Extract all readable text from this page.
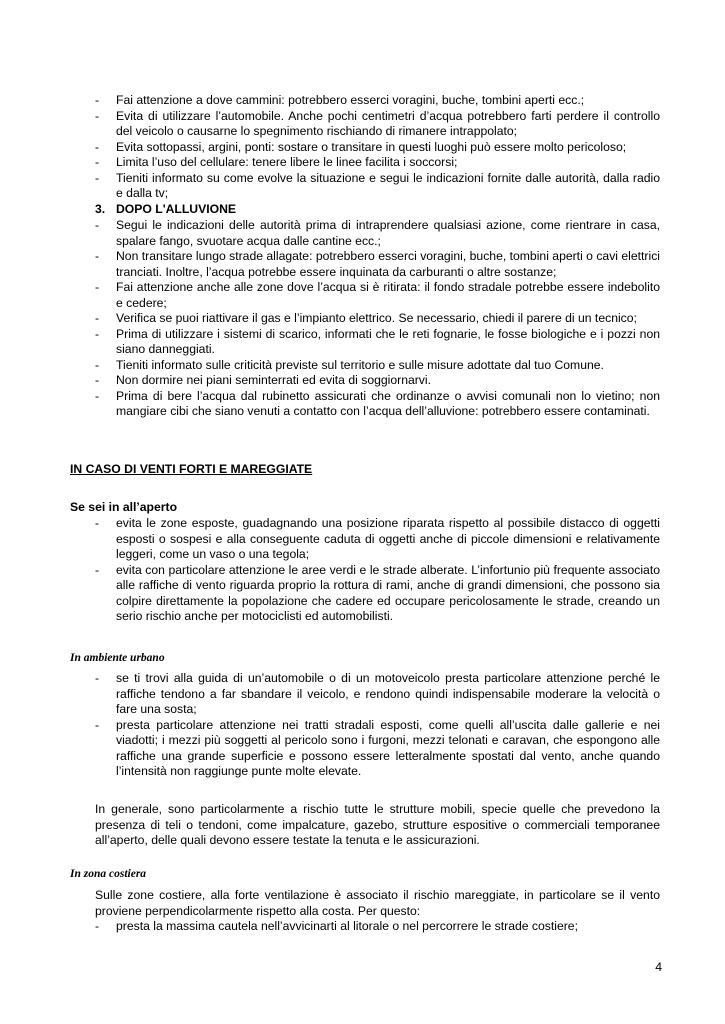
- Fai attenzione a dove cammini: potrebbero esserci voragini, buche, tombini aperti ecc.;
- Evita di utilizzare l’automobile. Anche pochi centimetri d’acqua potrebbero farti perdere il controllo del veicolo o causarne lo spegnimento rischiando di rimanere intrappolato;
- Evita sottopassi, argini, ponti: sostare o transitare in questi luoghi può essere molto pericoloso;
- Limita l’uso del cellulare: tenere libere le linee facilita i soccorsi;
- Tieniti informato su come evolve la situazione e segui le indicazioni fornite dalle autorità, dalla radio e dalla tv;
3. DOPO L'ALLUVIONE
- Segui le indicazioni delle autorità prima di intraprendere qualsiasi azione, come rientrare in casa, spalare fango, svuotare acqua dalle cantine ecc.;
- Non transitare lungo strade allagate: potrebbero esserci voragini, buche, tombini aperti o cavi elettrici tranciati. Inoltre, l’acqua potrebbe essere inquinata da carburanti o altre sostanze;
- Fai attenzione anche alle zone dove l’acqua si è ritirata: il fondo stradale potrebbe essere indebolito e cedere;
- Verifica se puoi riattivare il gas e l’impianto elettrico. Se necessario, chiedi il parere di un tecnico;
- Prima di utilizzare i sistemi di scarico, informati che le reti fognarie, le fosse biologiche e i pozzi non siano danneggiati.
- Tieniti informato sulle criticità previste sul territorio e sulle misure adottate dal tuo Comune.
- Non dormire nei piani seminterrati ed evita di soggiornarvi.
- Prima di bere l’acqua dal rubinetto assicurati che ordinanze o avvisi comunali non lo vietino; non mangiare cibi che siano venuti a contatto con l’acqua dell’alluvione: potrebbero essere contaminati.
IN CASO DI VENTI FORTI E MAREGGIATE
Se sei in all’aperto
- evita le zone esposte, guadagnando una posizione riparata rispetto al possibile distacco di oggetti esposti o sospesi e alla conseguente caduta di oggetti anche di piccole dimensioni e relativamente leggeri, come un vaso o una tegola;
- evita con particolare attenzione le aree verdi e le strade alberate. L’infortunio più frequente associato alle raffiche di vento riguarda proprio la rottura di rami, anche di grandi dimensioni, che possono sia colpire direttamente la popolazione che cadere ed occupare pericolosamente le strade, creando un serio rischio anche per motociclisti ed automobilisti.
In ambiente urbano
- se ti trovi alla guida di un’automobile o di un motoveicolo presta particolare attenzione perché le raffiche tendono a far sbandare il veicolo, e rendono quindi indispensabile moderare la velocità o fare una sosta;
- presta particolare attenzione nei tratti stradali esposti, come quelli all’uscita dalle gallerie e nei viadotti; i mezzi più soggetti al pericolo sono i furgoni, mezzi telonati e caravan, che espongono alle raffiche una grande superficie e possono essere letteralmente spostati dal vento, anche quando l’intensità non raggiunge punte molte elevate.
In generale, sono particolarmente a rischio tutte le strutture mobili, specie quelle che prevedono la presenza di teli o tendoni, come impalcature, gazebo, strutture espositive o commerciali temporanee all’aperto, delle quali devono essere testate la tenuta e le assicurazioni.
In zona costiera
Sulle zone costiere, alla forte ventilazione è associato il rischio mareggiate, in particolare se il vento proviene perpendicolarmente rispetto alla costa. Per questo:
- presta la massima cautela nell’avvicinarti al litorale o nel percorrere le strade costiere;
4
